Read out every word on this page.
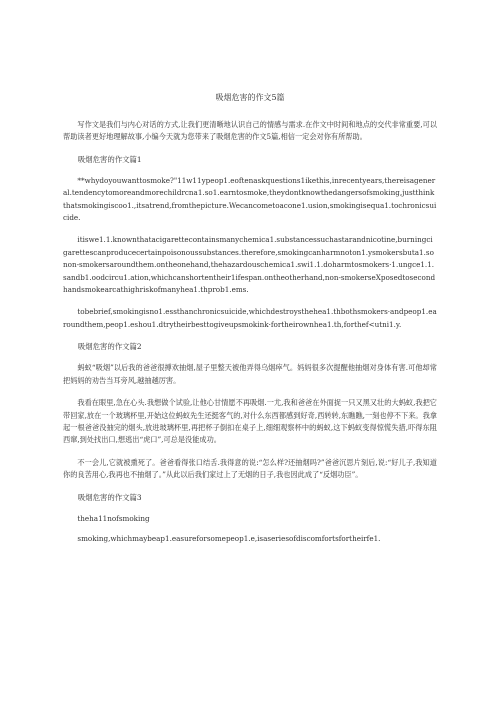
吸烟危害的作文5篇

写作文是我们与内心对话的方式,让我们更清晰地认识自己的情感与需求.在作文中时间和地点的交代非常重要,可以帮助读者更好地理解故事,小编今天就为您带来了吸烟危害的作文5篇,相信一定会对你有所帮助。

吸烟危害的作文篇1

**whydoyouwanttosmoke?"11w11ypeop1.eoftenaskquestions1ikethis,inrecentyears,thereisageneral.tendencytomoreandmorechildrcna1.so1.earntosmoke,theydontknowthedangersofsmoking,justthinkthatsmokingiscoo1.,itsatrend,fromthepicture.Wecancometoacone1.usion,smokingisequa1.tochronicsuicide.

itiswe1.1.knownthatacigarettecontainsmanychemica1.substancessuchastarandnicotine,burningcigarettescanproducecertainpoisonoussubstances.therefore,smokingcanharmnoton1.ysmokersbuta1.sonon-smokersaroundthem.ontheonehand,thehazardouschemica1.swi1.1.doharmtosmokers·1.ungce1.1.sandb1.oodcircu1.ation,whichcanshortentheir1ifespan.ontheotherhand,non-smokerseXposedtosecondhandsmokearcathighriskofmanyhea1.thprob1.ems.

tobebrief,smokingisno1.essthanchronicsuicide,whichdestroysthehea1.thbothsmokers·andpeop1.earoundthem,peop1.eshou1.dtrytheirbesttogiveupsmokink·fortheirownhea1.th,forthef<utni1.y.

吸烟危害的作文篇2

蚂蚁“吸烟”以后我的爸爸很搏欢抽烟,屋子里整天被他弄得乌烟瘁气。妈妈很多次提醒他抽烟对身体有害.可他却常把妈妈的劝告当耳旁风,越抽越厉害。

我看在眼里,急在心头.我想做个试验,让他心甘情愿不再吸烟.一尤,我和爸爸在外面捉一只又黑又壮的大蚂蚁,我把它带回家,放在一个玻璃杯里,开始这位蚂蚁先生还挺客气的,对什么东西都感到好奇,西转转,东瞧瞧,一刻也停不下来。我拿起一根爸爸没抽完的烟头,放进玻璃杯里,再把杯子倒扣在桌子上,细细观察杯中的蚂蚁,这下蚂蚁变得惊慌失措,吓得东阻西窜,到处找出口,想逃出“虎口”,可总是没能成功。

不一会儿,它就被熏死了。爸爸看得张口结舌.我得意的说:“怎么样?还抽烟吗?”爸爸沉思片刻后,说:“好儿子,我知道你的良苦用心,我再也不抽烟了。”从此以后我们家过上了无烟的日子,我也因此成了“反烟功臣”。

吸烟危害的作文篇3

theha11nofsmoking

smoking,whichmaybeap1.easureforsomepeop1.e,isaseriesofdiscomfortsfortheirfe1.
